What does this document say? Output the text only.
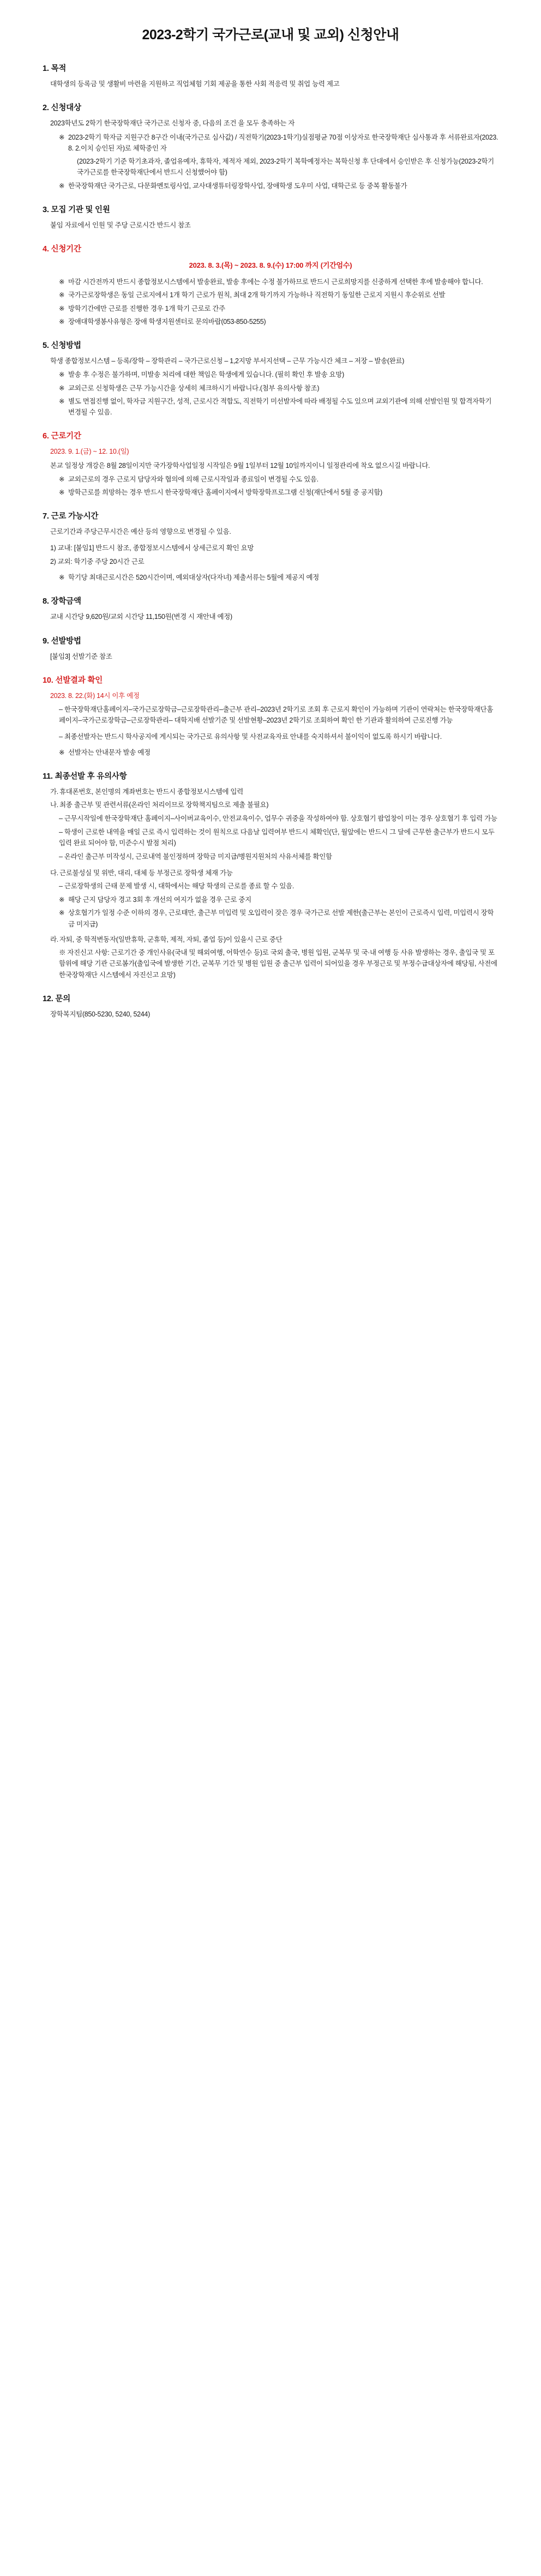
2023-2학기 국가근로(교내 및 교외) 신청안내
1. 목적

대학생의 등록금 및 생활비 마련을 지원하고 직업체험 기회 제공을 통한 사회 적응력 및 취업 능력 제고

2. 신청대상

2023학년도 2학기 한국장학재단 국가근로 신청자 중, 다음의 조건 을 모두 충족하는 자

※ 2023-2학기 학자금 지원구간 8구간 이내(국가근로 심사값) / 직전학기(2023-1학기)실점평균 70점 이상자로 한국장학재단 심사통과 후 서류완료자(2023. 8. 2.이치 승인된 자)로 체학중인 자
(2023-2학기 기준 학기초과자, 졸업유예자, 휴학자, 제적자 제외, 2023-2학기 복학예정자는 복학신청 후 단대에서 승인받은 후 신청가능(2023-2학기 국가근로를 한국장학재단에서 반드시 신청했어야 함)
※ 한국장학재단 국가근로, 다문화멘토링사업, 교사대생튜터링장학사업, 장애학생 도우미 사업, 대학근로 등 중복 활동불가
3. 모집 기관 및 인원

붙임 자료에서 인원 및 주당 근로시간 반드시 참조

4. 신청기간
2023. 8. 3.(목) ~ 2023. 8. 9.(수) 17:00 까지 (기간엄수)
※ 마감 시간전까지 반드시 종합정보시스템에서 발송완료, 발송 후에는 수정 불가하므로 반드시 근로희망지를 신중하게 선택한 후에 발송해야 합니다.
※ 국가근로장학생은 동일 근로지에서 1개 학기 근로가 원칙, 최대 2개 학기까지 가능하나 직전학기 동일한 근로지 지원시 후순위로 선발
※ 방학기간에만 근로를 진행한 경우 1개 학기 근로로 간주
※ 장애대학생봉사유형은 장애 학생지원센터로 문의바랍(053-850-5255)
5. 신청방법

학생 종합정보시스템 – 등록/장학 – 장학관리 – 국가근로신청 – 1,2지망 부서지선택 – 근무 가능시간 체크 – 저장 – 발송(완료)

※ 발송 후 수정은 불가하며, 미발송 처리에 대한 책임은 학생에게 있습니다. (필히 확인 후 발송 요망)
※ 교외근로 신청학생은 근무 가능시간을 상세히 체크하시기 바랍니다.(첨부 유의사항 참조)
※ 별도 면접진행 없이, 학자금 지원구간, 성적, 근로시간 적합도, 직전학기 미선발자에 따라 배정될 수도 있으며 교외기관에 의해 선발인원 및 합격자학기 변경될 수 있음.
6. 근로기간

2023. 9. 1.(금) ~ 12. 10.(일)

본교 일정상 개강은 8월 28일이지만 국가장학사업일정 시작일은 9월 1일부터 12월 10일까지이니 일정관리에 착오 없으시길 바랍니다.

※ 교외근로의 경우 근로지 담당자와 협의에 의해 근로시작일과 종료일이 변경될 수도 있음.
※ 방학근로를 희망하는 경우 반드시 한국장학재단 홈페이지에서 방학장학프로그램 신청(재단에서 5월 중 공지함)
7. 근로 가능시간

근로기간과 주당근무시간은 예산 등의 영향으로 변경될 수 있음.

1) 교내: [붙임1] 반드시 참조, 종합정보시스템에서 상세근로지 확인 요망

2) 교외: 학기중 주당 20시간 근로

※ 학기당 최대근로시간은 520시간이며, 예외대상자(다자녀) 제출서류는 5월에 제공지 예정
8. 장학금액

교내 시간당 9,620원/교외 시간당 11,150원(변경 시 재안내 예정)

9. 선발방법

[붙임3] 선발기준 참조

10. 선발결과 확인

2023. 8. 22.(화) 14시 이후 예정

– 한국장학재단홈페이지–국가근로장학금–근로장학관리–출근부 관리–2023년 2학기로 조회 후 근로지 확인이 가능하며 기관이 연락처는 한국장학재단홈페이지–국가근로장학금–근로장학관리– 대학지배 선발기준 및 선발현황–2023년 2학기로 조회하여 확인 한 기관과 활의하여 근로진행 가능

– 최종선발자는 반드시 학사공지에 게시되는 국가근로 유의사항 및 사전교육자료 안내를 숙지하셔서 불이익이 없도록 하시기 바랍니다.

※ 선발자는 안내문자 발송 예정
11. 최종선발 후 유의사항
가. 휴대폰번호, 본인명의 계좌번호는 반드시 종합정보시스템에 입력
나. 최종 출근부 및 관련서류(온라인 처리이므로 장학책지팀으로 제출 불필요)

– 근무시작일에 한국장학재단 홈페이지–사이버교육이수, 안전교육이수, 업무수 귀중을 작성하여야 함. 상호협기 팝업창이 미는 경우 상호협기 후 입력 가능

– 학생이 근로한 내역을 매일 근로 즉시 입력하는 것이 원칙으로 다음날 입력여부 반드시 체확인(단, 월앞에는 반드시 그 달에 근무한 출근부가 반드시 모두 입력 완료 되어야 함, 미준수시 발점 처리)

– 온라인 출근부 미작성시, 근로내역 불인정하며 장학금 미지급/병원지원처의 사유서체를 확인함

다. 근로불성실 및 위반, 대리, 대체 등 부정근로 장학생 체재 가능

– 근로장학생의 근태 문제 발생 시, 대학에서는 해당 학생의 근로를 종료 할 수 있음.

※ 해당 근지 담당자 경고 3회 후 개선의 여지가 없을 경우 근로 중지
※ 상호협기가 일정 수준 이하의 경우, 근로태만, 출근부 미입력 및 오입력이 잦은 경우 국가근로 선발 제한(출근부는 본인이 근로즉시 입력, 미입력시 장학금 미지급)
라. 자퇴, 중 학적변동자(일반휴학, 군휴학, 제적, 자퇴, 졸업 등)이 있을시 근로 중단

※ 자진신고 사항: 근로기간 중 개인사유(국내 및 해외여행, 어학연수 등)로 국외 출국, 병원 입원, 군복무 및 국·내 여행 등 사유 발생하는 경우, 출입국 및 포함위에 해당 기관 근로봄가(출입국에 발생한 기간, 군복무 기간 및 병원 입원 중 출근부 입력이 되어있을 경우 부정근로 및 부정수급대상자에 해당됨, 사전에 한국장학재단 시스템에서 자진신고 요망)

12. 문의

장학복지팀(850-5230, 5240, 5244)
